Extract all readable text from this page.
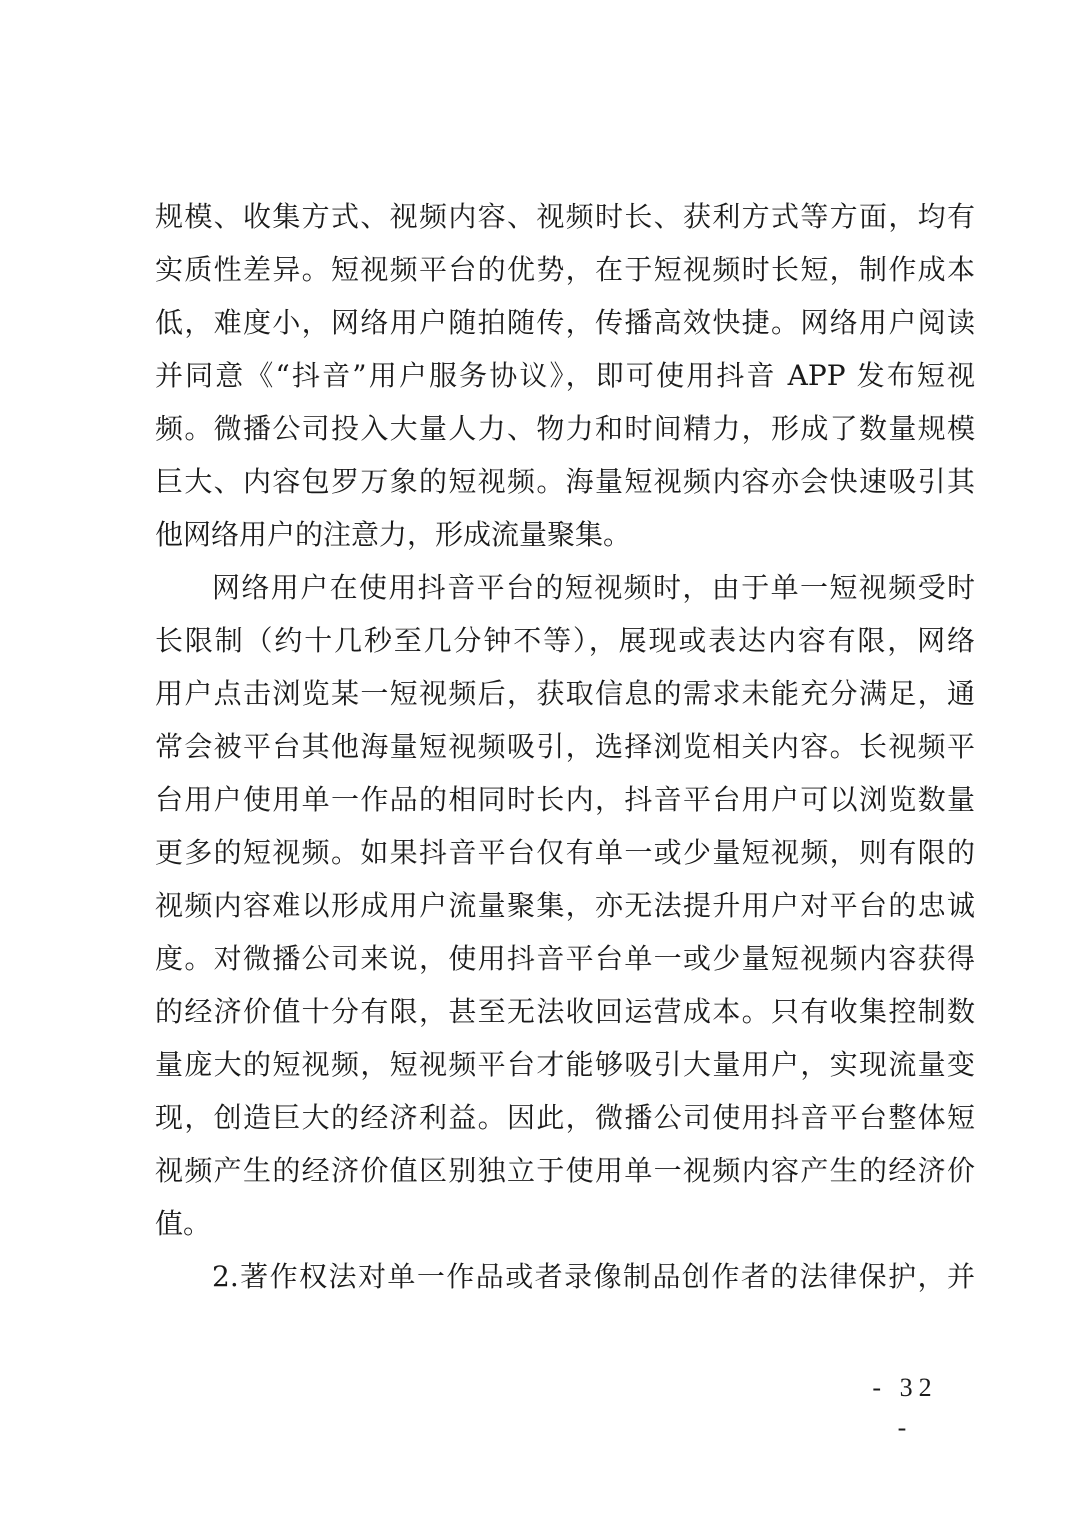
规模、收集方式、视频内容、视频时长、获利方式等方面，均有
实质性差异。短视频平台的优势，在于短视频时长短，制作成本
低，难度小，网络用户随拍随传，传播高效快捷。网络用户阅读
并同意《“抖音”用户服务协议》，即可使用抖音 APP 发布短视
频。微播公司投入大量人力、物力和时间精力，形成了数量规模
巨大、内容包罗万象的短视频。海量短视频内容亦会快速吸引其
他网络用户的注意力，形成流量聚集。
网络用户在使用抖音平台的短视频时，由于单一短视频受时
长限制（约十几秒至几分钟不等），展现或表达内容有限，网络
用户点击浏览某一短视频后，获取信息的需求未能充分满足，通
常会被平台其他海量短视频吸引，选择浏览相关内容。长视频平
台用户使用单一作品的相同时长内，抖音平台用户可以浏览数量
更多的短视频。如果抖音平台仅有单一或少量短视频，则有限的
视频内容难以形成用户流量聚集，亦无法提升用户对平台的忠诚
度。对微播公司来说，使用抖音平台单一或少量短视频内容获得
的经济价值十分有限，甚至无法收回运营成本。只有收集控制数
量庞大的短视频，短视频平台才能够吸引大量用户，实现流量变
现，创造巨大的经济利益。因此，微播公司使用抖音平台整体短
视频产生的经济价值区别独立于使用单一视频内容产生的经济价
值。
2.著作权法对单一作品或者录像制品创作者的法律保护，并
- 32 -
